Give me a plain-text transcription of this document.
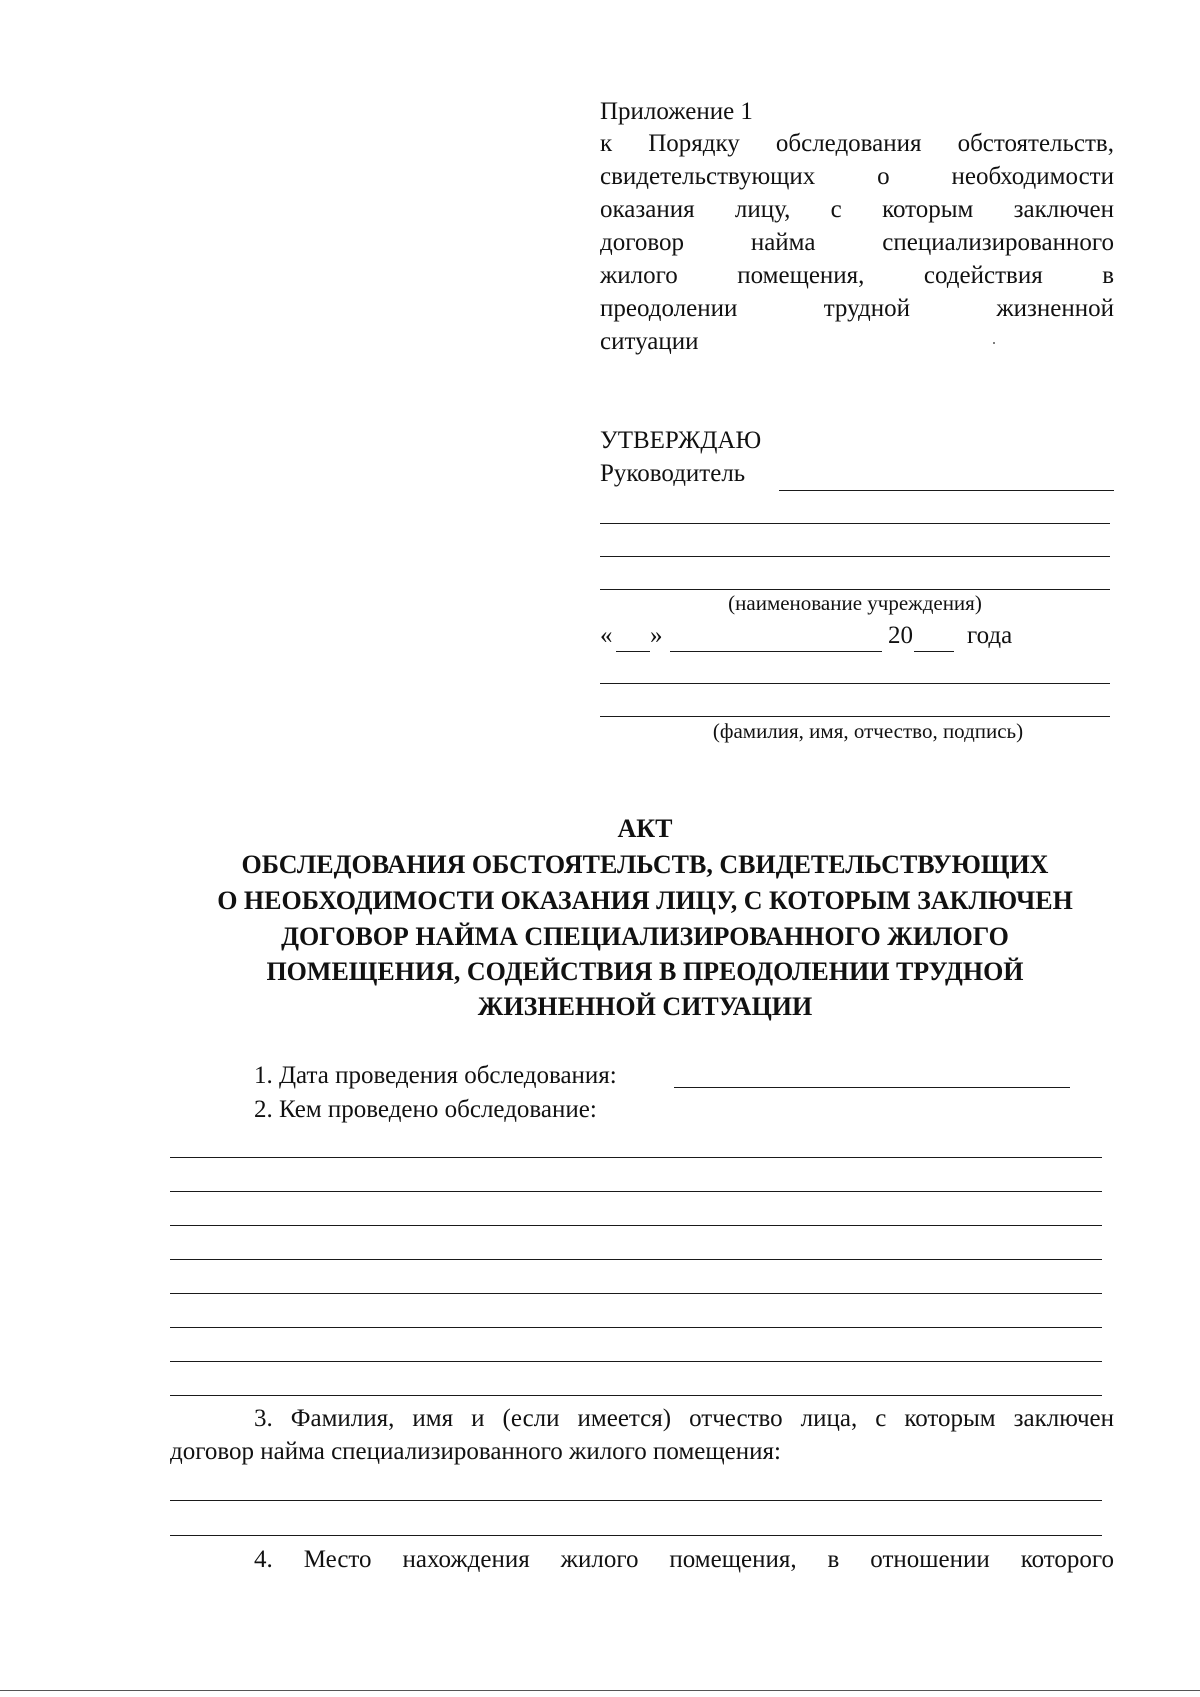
Приложение 1
к Порядку обследования обстоятельств,
свидетельствующих о необходимости
оказания лицу, с которым заключен
договор найма специализированного
жилого помещения, содействия в
преодолении трудной жизненной
ситуации
УТВЕРЖДАЮ
Руководитель
(наименование учреждения)
« »	20 года
(фамилия, имя, отчество, подпись)
АКТ
ОБСЛЕДОВАНИЯ ОБСТОЯТЕЛЬСТВ, СВИДЕТЕЛЬСТВУЮЩИХ
О НЕОБХОДИМОСТИ ОКАЗАНИЯ ЛИЦУ, С КОТОРЫМ ЗАКЛЮЧЕН
ДОГОВОР НАЙМА СПЕЦИАЛИЗИРОВАННОГО ЖИЛОГО
ПОМЕЩЕНИЯ, СОДЕЙСТВИЯ В ПРЕОДОЛЕНИИ ТРУДНОЙ
ЖИЗНЕННОЙ СИТУАЦИИ
1. Дата проведения обследования:
2. Кем проведено обследование:
3. Фамилия, имя и (если имеется) отчество лица, с которым заключен
договор найма специализированного жилого помещения:
4. Место нахождения жилого помещения, в отношении которого
